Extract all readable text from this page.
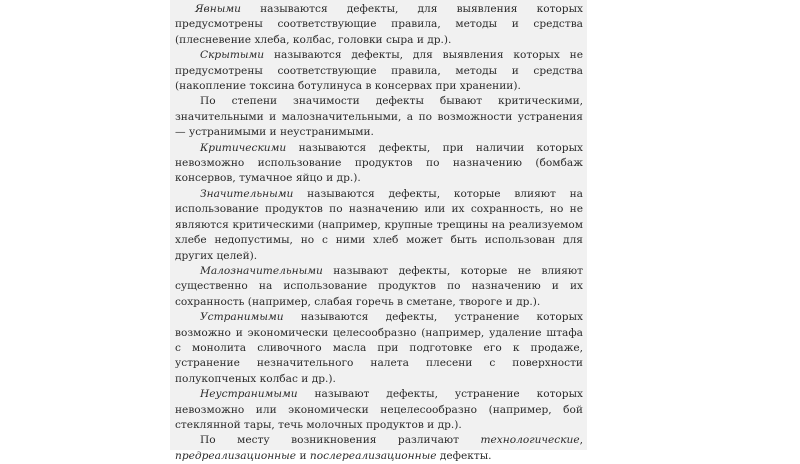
Явными называются дефекты, для выявления которых предусмотрены соответствующие правила, методы и средства (плесневение хлеба, колбас, головки сыра и др.).

Скрытыми называются дефекты, для выявления которых не предусмотрены соответствующие правила, методы и средства (накопление токсина ботулинуса в консервах при хранении).

По степени значимости дефекты бывают критическими, значительными и малозначительными, а по возможности устранения — устранимыми и неустранимыми.

Критическими называются дефекты, при наличии которых невозможно использование продуктов по назначению (бомбаж консервов, тумачное яйцо и др.).

Значительными называются дефекты, которые влияют на использование продуктов по назначению или их сохранность, но не являются критическими (например, крупные трещины на реализуемом хлебе недопустимы, но с ними хлеб может быть использован для других целей).

Малозначительными называют дефекты, которые не влияют существенно на использование продуктов по назначению и их сохранность (например, слабая горечь в сметане, твороге и др.).

Устранимыми называются дефекты, устранение которых возможно и экономически целесообразно (например, удаление штафа с монолита сливочного масла при подготовке его к продаже, устранение незначительного налета плесени с поверхности полукопченых колбас и др.).

Неустранимыми называют дефекты, устранение которых невозможно или экономически нецелесообразно (например, бой стеклянной тары, течь молочных продуктов и др.).

По месту возникновения различают технологические, предреализационные и послереализационные дефекты.
